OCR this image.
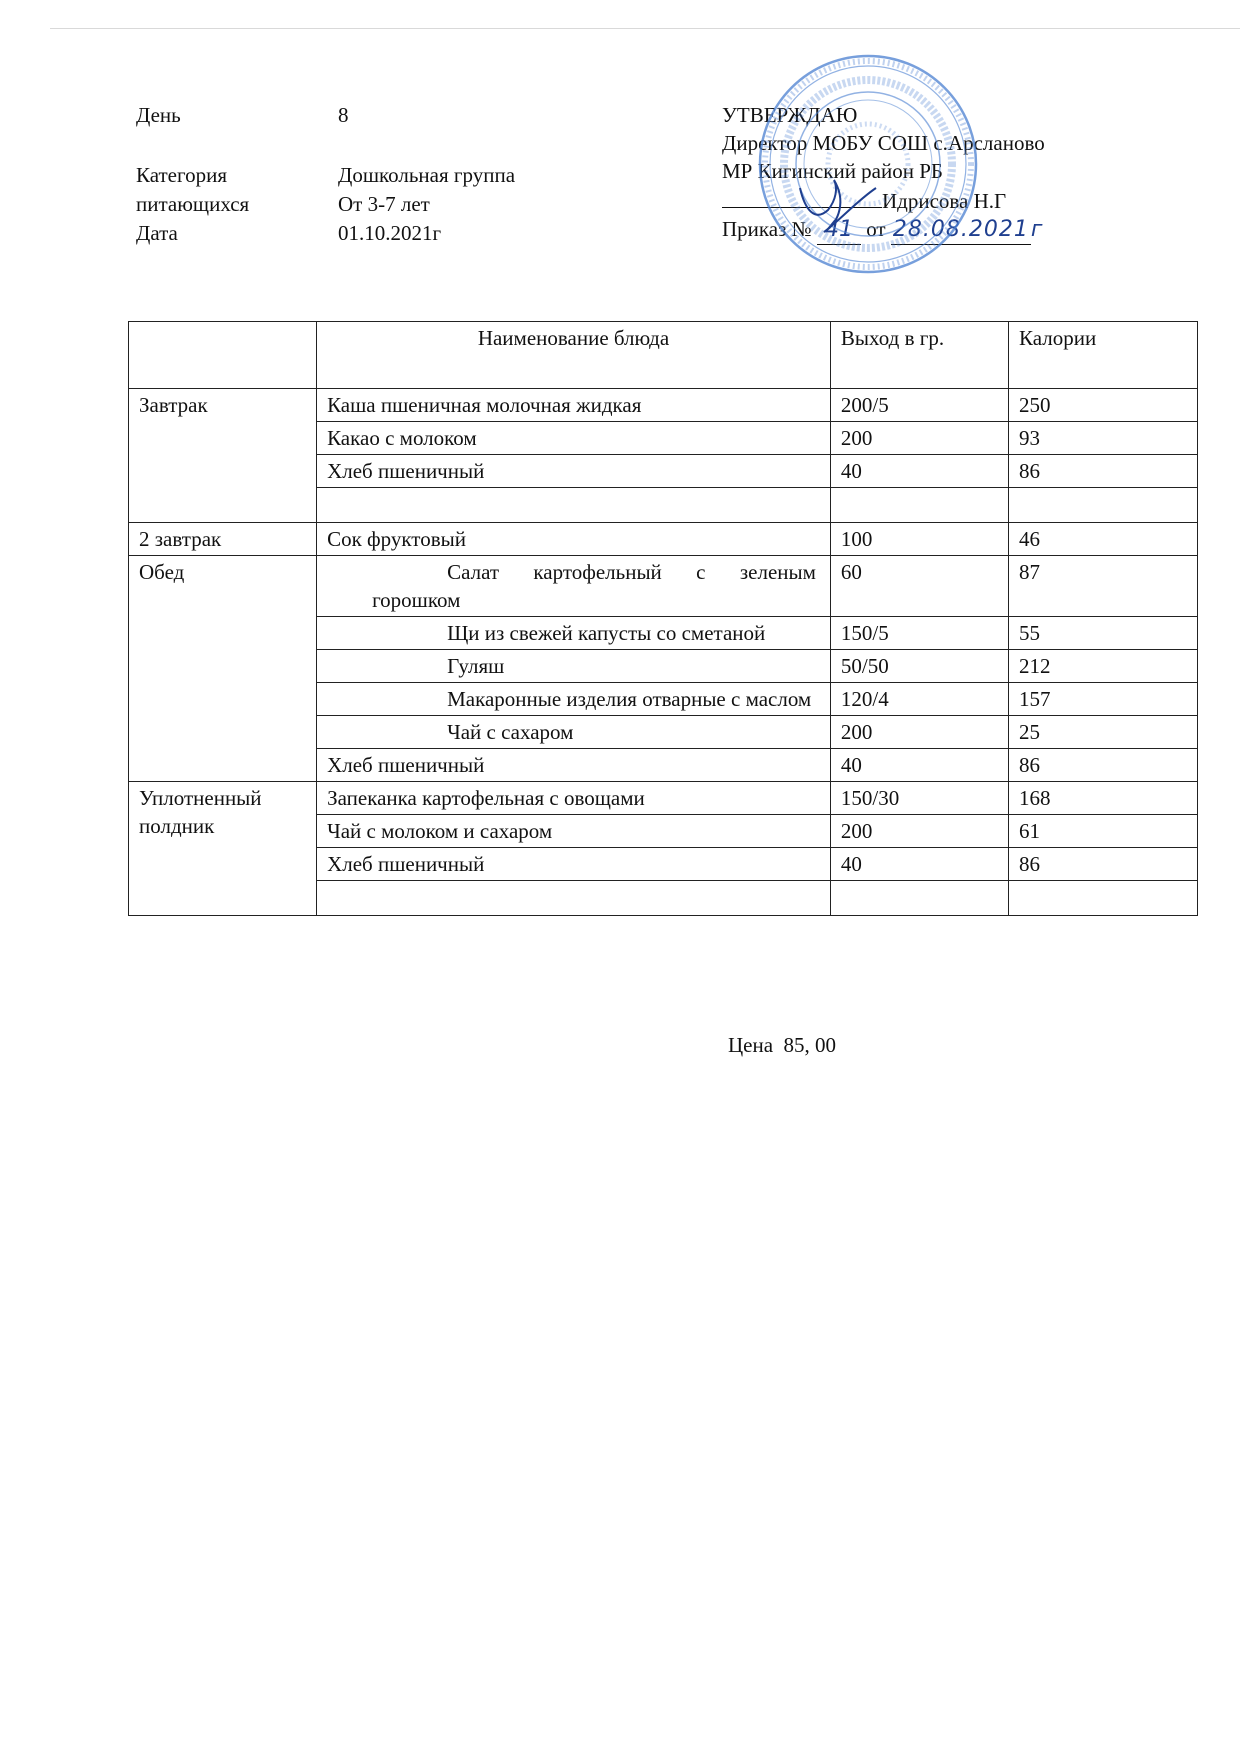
День	8
Категория	Дошкольная группа
питающихся	От 3-7 лет
Дата	01.10.2021г
УТВЕРЖДАЮ
Директор МОБУ СОШ с.Арсланово
МР Кигинский район РБ
Идрисова Н.Г
Приказ № 41 от 28.08.2021г
	Наименование блюда	Выход в гр.	Калории
Завтрак	Каша пшеничная молочная жидкая	200/5	250
	Какао с молоком	200	93
	Хлеб пшеничный	40	86

2 завтрак	Сок фруктовый	100	46
Обед	Салат картофельный с зеленым горошком	60	87
	Щи из свежей капусты со сметаной	150/5	55
	Гуляш	50/50	212
	Макаронные изделия отварные с маслом	120/4	157
	Чай с сахаром	200	25
	Хлеб пшеничный	40	86
Уплотненный полдник	Запеканка картофельная с овощами	150/30	168
	Чай с молоком и сахаром	200	61
	Хлеб пшеничный	40	86

Цена  85, 00
